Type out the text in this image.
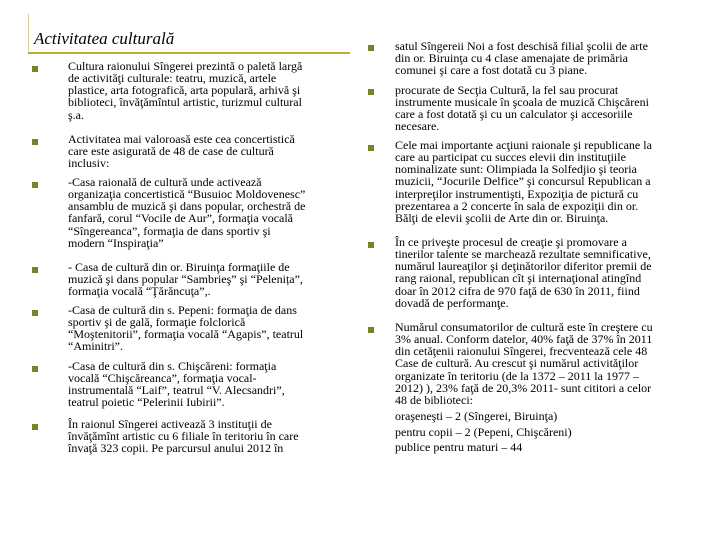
Activitatea culturală
Cultura raionului Sîngerei prezintă o paletă largă
de activităţi culturale: teatru, muzică, artele
plastice, arta fotografică, arta populară, arhivă şi
biblioteci, învăţămîntul artistic, turizmul cultural
ş.a.
Activitatea mai valoroasă este cea concertistică
care este asigurată de 48 de case de cultură
inclusiv:
-Casa raională de cultură unde activează
organizaţia concertistică “Busuioc Moldovenesc”
ansamblu de muzică şi dans popular, orchestră de
fanfară, corul “Vocile de Aur”, formaţia vocală
“Sîngereanca”, formaţia de dans sportiv şi
modern “Inspiraţia”
- Casa de cultură din or. Biruinţa formaţiile de
muzică şi dans popular “Sambrieş” şi “Pelenița”,
formaţia vocală “Ţărăncuţa”,.
-Casa de cultură din s. Pepeni: formaţia de dans
sportiv şi de gală, formaţie folclorică
“Moştenitorii”, formaţia vocală “Agapis”, teatrul
“Aminitri”.
-Casa de cultură din s. Chişcăreni: formaţia
vocală “Chişcăreanca”, formaţia vocal-
instrumentală “Laif”, teatrul “V. Alecsandri”,
teatrul poietic “Pelerinii Iubirii”.
În raionul Sîngerei activează 3 instituţii de
învăţămînt artistic cu 6 filiale în teritoriu în care
învaţă 323 copii. Pe parcursul anului 2012 în
satul Sîngereii Noi a fost deschisă filial şcolii de arte
din or. Biruinţa cu 4 clase amenajate de primăria
comunei şi care a fost dotată cu 3 piane.
procurate de Secţia Cultură, la fel sau procurat
instrumente musicale în şcoala de muzică Chişcăreni
care a fost dotată şi cu un calculator şi accesoriile
necesare.
Cele mai importante acţiuni raionale şi republicane la
care au participat cu succes elevii din instituţiile
nominalizate sunt: Olimpiada la Solfedjio şi teoria
muzicii, “Jocurile Delfice” şi concursul Republican a
interpreţilor instrumentişti, Expoziţia de pictură cu
prezentarea a 2 concerte în sala de expoziţii din or.
Bălţi de elevii şcolii de Arte din or. Biruinţa.
În ce priveşte procesul de creaţie şi promovare a
tinerilor talente se marchează rezultate semnificative,
numărul laureaţilor şi deţinătorilor diferitor premii de
rang raional, republican cît şi internaţional atingînd
doar în 2012 cifra de 970 faţă de 630 în 2011, fiind
dovadă de performanţe.
Numărul consumatorilor de cultură este în creştere cu
3% anual. Conform datelor, 40% faţă de 37% în 2011
din cetăţenii raionului Sîngerei, frecventează cele 48
Case de cultură. Au crescut şi numărul activităţilor
organizate în teritoriu (de la 1372 – 2011 la 1977 –
2012) ), 23% faţă de 20,3% 2011- sunt cititori a celor
48 de biblioteci:
oraşeneşti – 2 (Sîngerei, Biruinţa)
pentru copii – 2 (Pepeni, Chişcăreni)
publice pentru maturi – 44
